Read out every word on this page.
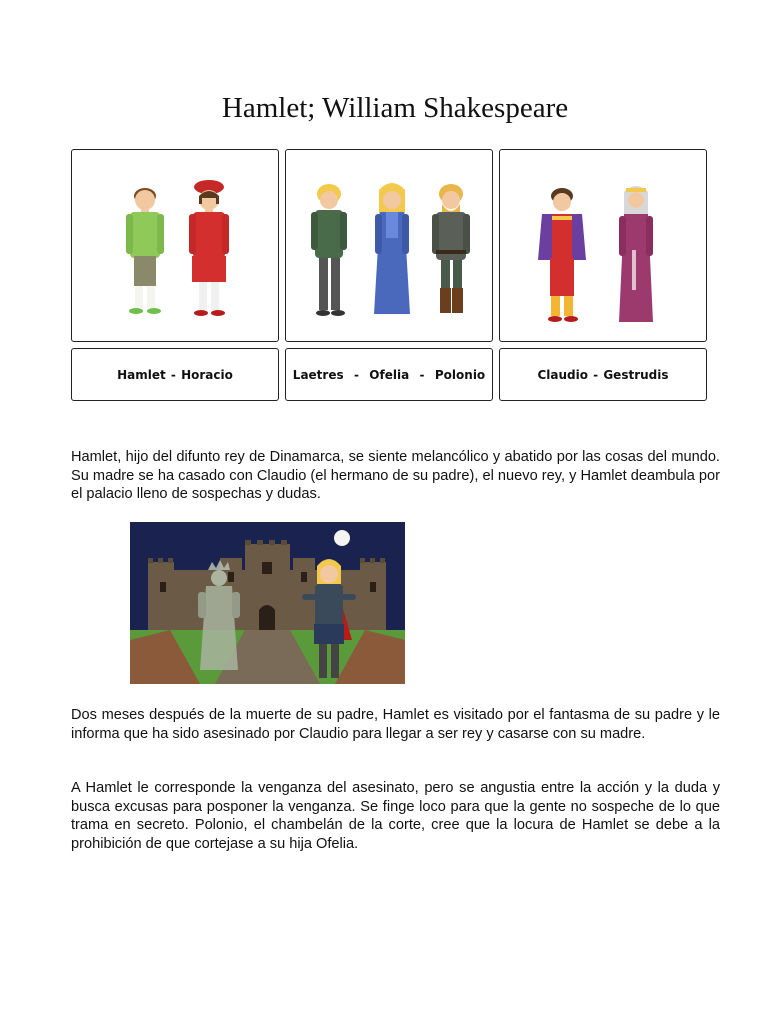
Hamlet; William Shakespeare
Hamlet - Horacio	Laetres  -  Ofelia  -  Polonio	Claudio - Gestrudis

Hamlet, hijo del difunto rey de Dinamarca, se siente melancólico y abatido por las cosas del mundo. Su madre se ha casado con Claudio (el hermano de su padre), el nuevo rey, y Hamlet deambula por el palacio lleno de sospechas y dudas.

Dos meses después de la muerte de su padre, Hamlet es visitado por el fantasma de su padre y le informa que ha sido asesinado por Claudio para llegar a ser rey y casarse con su madre.

A Hamlet le corresponde la venganza del asesinato, pero se angustia entre la acción y la duda y busca excusas para posponer la venganza. Se finge loco para que la gente no sospeche de lo que trama en secreto. Polonio, el chambelán de la corte, cree que la locura de Hamlet se debe a la prohibición de que cortejase a su hija Ofelia.
